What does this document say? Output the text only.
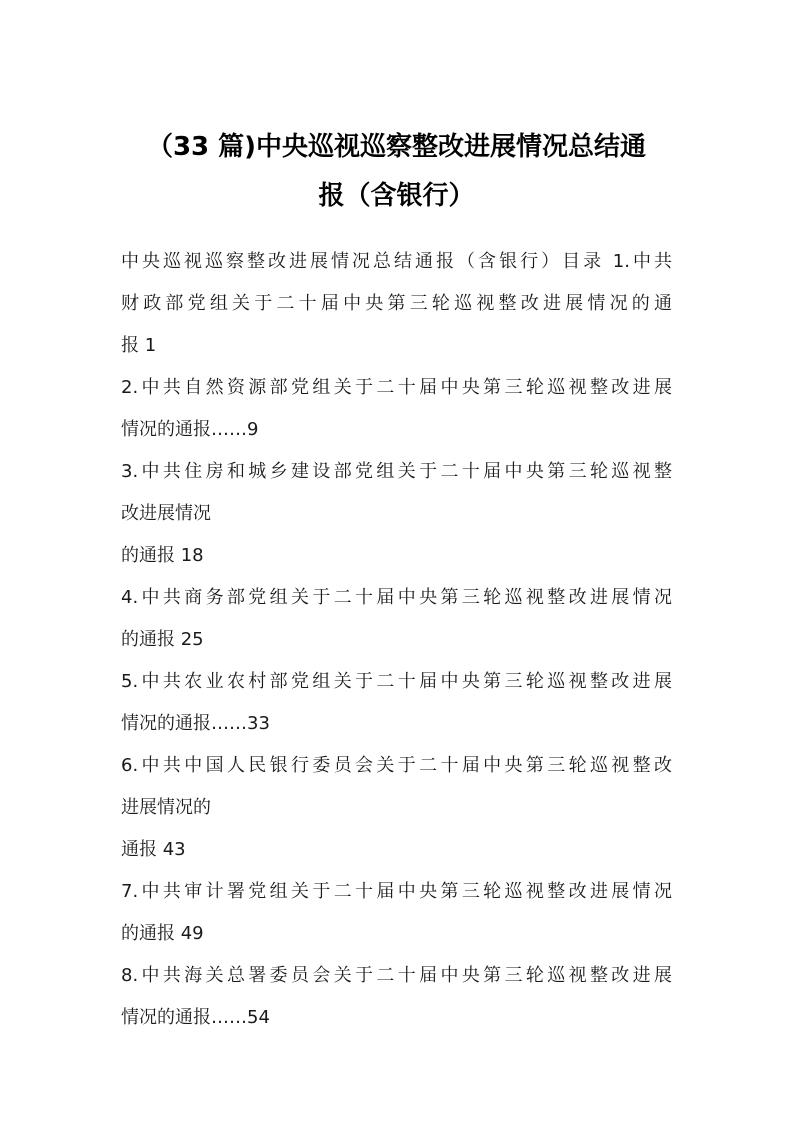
（33 篇)中央巡视巡察整改进展情况总结通
报（含银行）
中央巡视巡察整改进展情况总结通报（含银行）目录 1.中共
财政部党组关于二十届中央第三轮巡视整改进展情况的通
报 1
2.中共自然资源部党组关于二十届中央第三轮巡视整改进展
情况的通报……9
3.中共住房和城乡建设部党组关于二十届中央第三轮巡视整
改进展情况
的通报 18
4.中共商务部党组关于二十届中央第三轮巡视整改进展情况
的通报 25
5.中共农业农村部党组关于二十届中央第三轮巡视整改进展
情况的通报……33
6.中共中国人民银行委员会关于二十届中央第三轮巡视整改
进展情况的
通报 43
7.中共审计署党组关于二十届中央第三轮巡视整改进展情况
的通报 49
8.中共海关总署委员会关于二十届中央第三轮巡视整改进展
情况的通报……54
